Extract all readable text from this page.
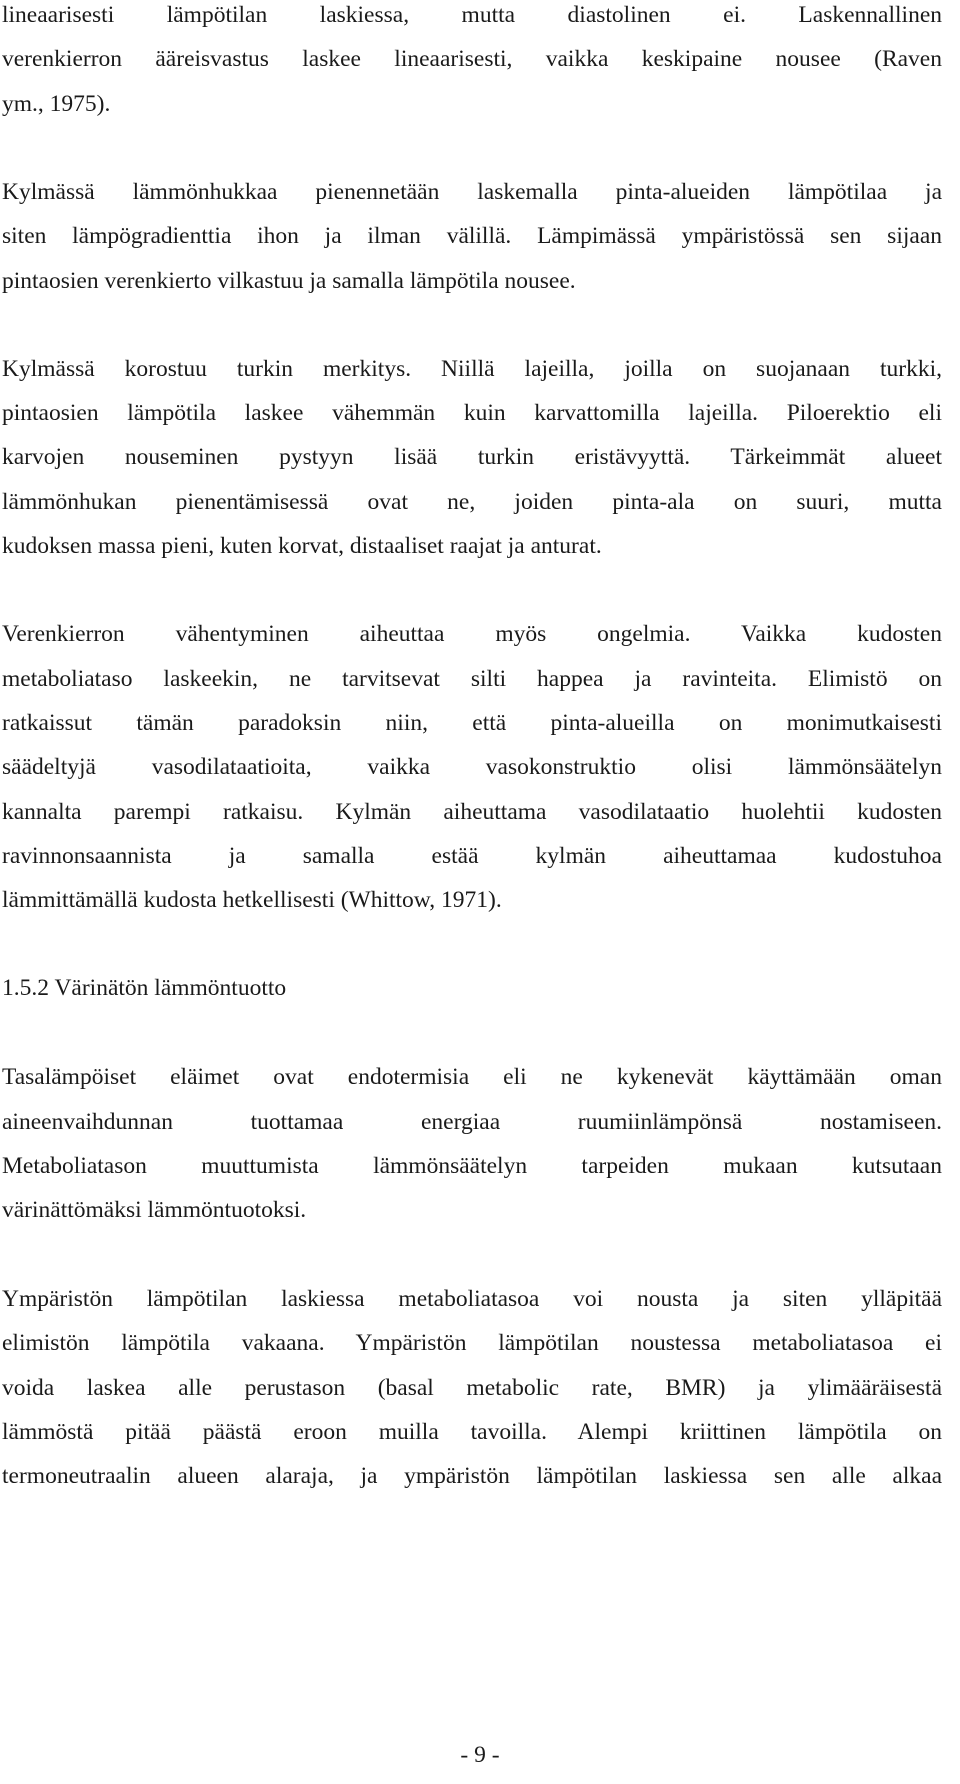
lineaarisesti lämpötilan laskiessa, mutta diastolinen ei. Laskennallinen
verenkierron ääreisvastus laskee lineaarisesti, vaikka keskipaine nousee (Raven
ym., 1975).
Kylmässä lämmönhukkaa pienennetään laskemalla pinta-alueiden lämpötilaa ja
siten lämpögradienttia ihon ja ilman välillä. Lämpimässä ympäristössä sen sijaan
pintaosien verenkierto vilkastuu ja samalla lämpötila nousee.
Kylmässä korostuu turkin merkitys. Niillä lajeilla, joilla on suojanaan turkki,
pintaosien lämpötila laskee vähemmän kuin karvattomilla lajeilla. Piloerektio eli
karvojen nouseminen pystyyn lisää turkin eristävyyttä. Tärkeimmät alueet
lämmönhukan pienentämisessä ovat ne, joiden pinta-ala on suuri, mutta
kudoksen massa pieni, kuten korvat, distaaliset raajat ja anturat.
Verenkierron vähentyminen aiheuttaa myös ongelmia. Vaikka kudosten
metaboliataso laskeekin, ne tarvitsevat silti happea ja ravinteita. Elimistö on
ratkaissut tämän paradoksin niin, että pinta-alueilla on monimutkaisesti
säädeltyjä vasodilataatioita, vaikka vasokonstruktio olisi lämmönsäätelyn
kannalta parempi ratkaisu. Kylmän aiheuttama vasodilataatio huolehtii kudosten
ravinnonsaannista ja samalla estää kylmän aiheuttamaa kudostuhoa
lämmittämällä kudosta hetkellisesti (Whittow, 1971).
1.5.2 Värinätön lämmöntuotto
Tasalämpöiset eläimet ovat endotermisia eli ne kykenevät käyttämään oman
aineenvaihdunnan tuottamaa energiaa ruumiinlämpönsä nostamiseen.
Metaboliatason muuttumista lämmönsäätelyn tarpeiden mukaan kutsutaan
värinättömäksi lämmöntuotoksi.
Ympäristön lämpötilan laskiessa metaboliatasoa voi nousta ja siten ylläpitää
elimistön lämpötila vakaana. Ympäristön lämpötilan noustessa metaboliatasoa ei
voida laskea alle perustason (basal metabolic rate, BMR) ja ylimääräisestä
lämmöstä pitää päästä eroon muilla tavoilla. Alempi kriittinen lämpötila on
termoneutraalin alueen alaraja, ja ympäristön lämpötilan laskiessa sen alle alkaa
- 9 -
